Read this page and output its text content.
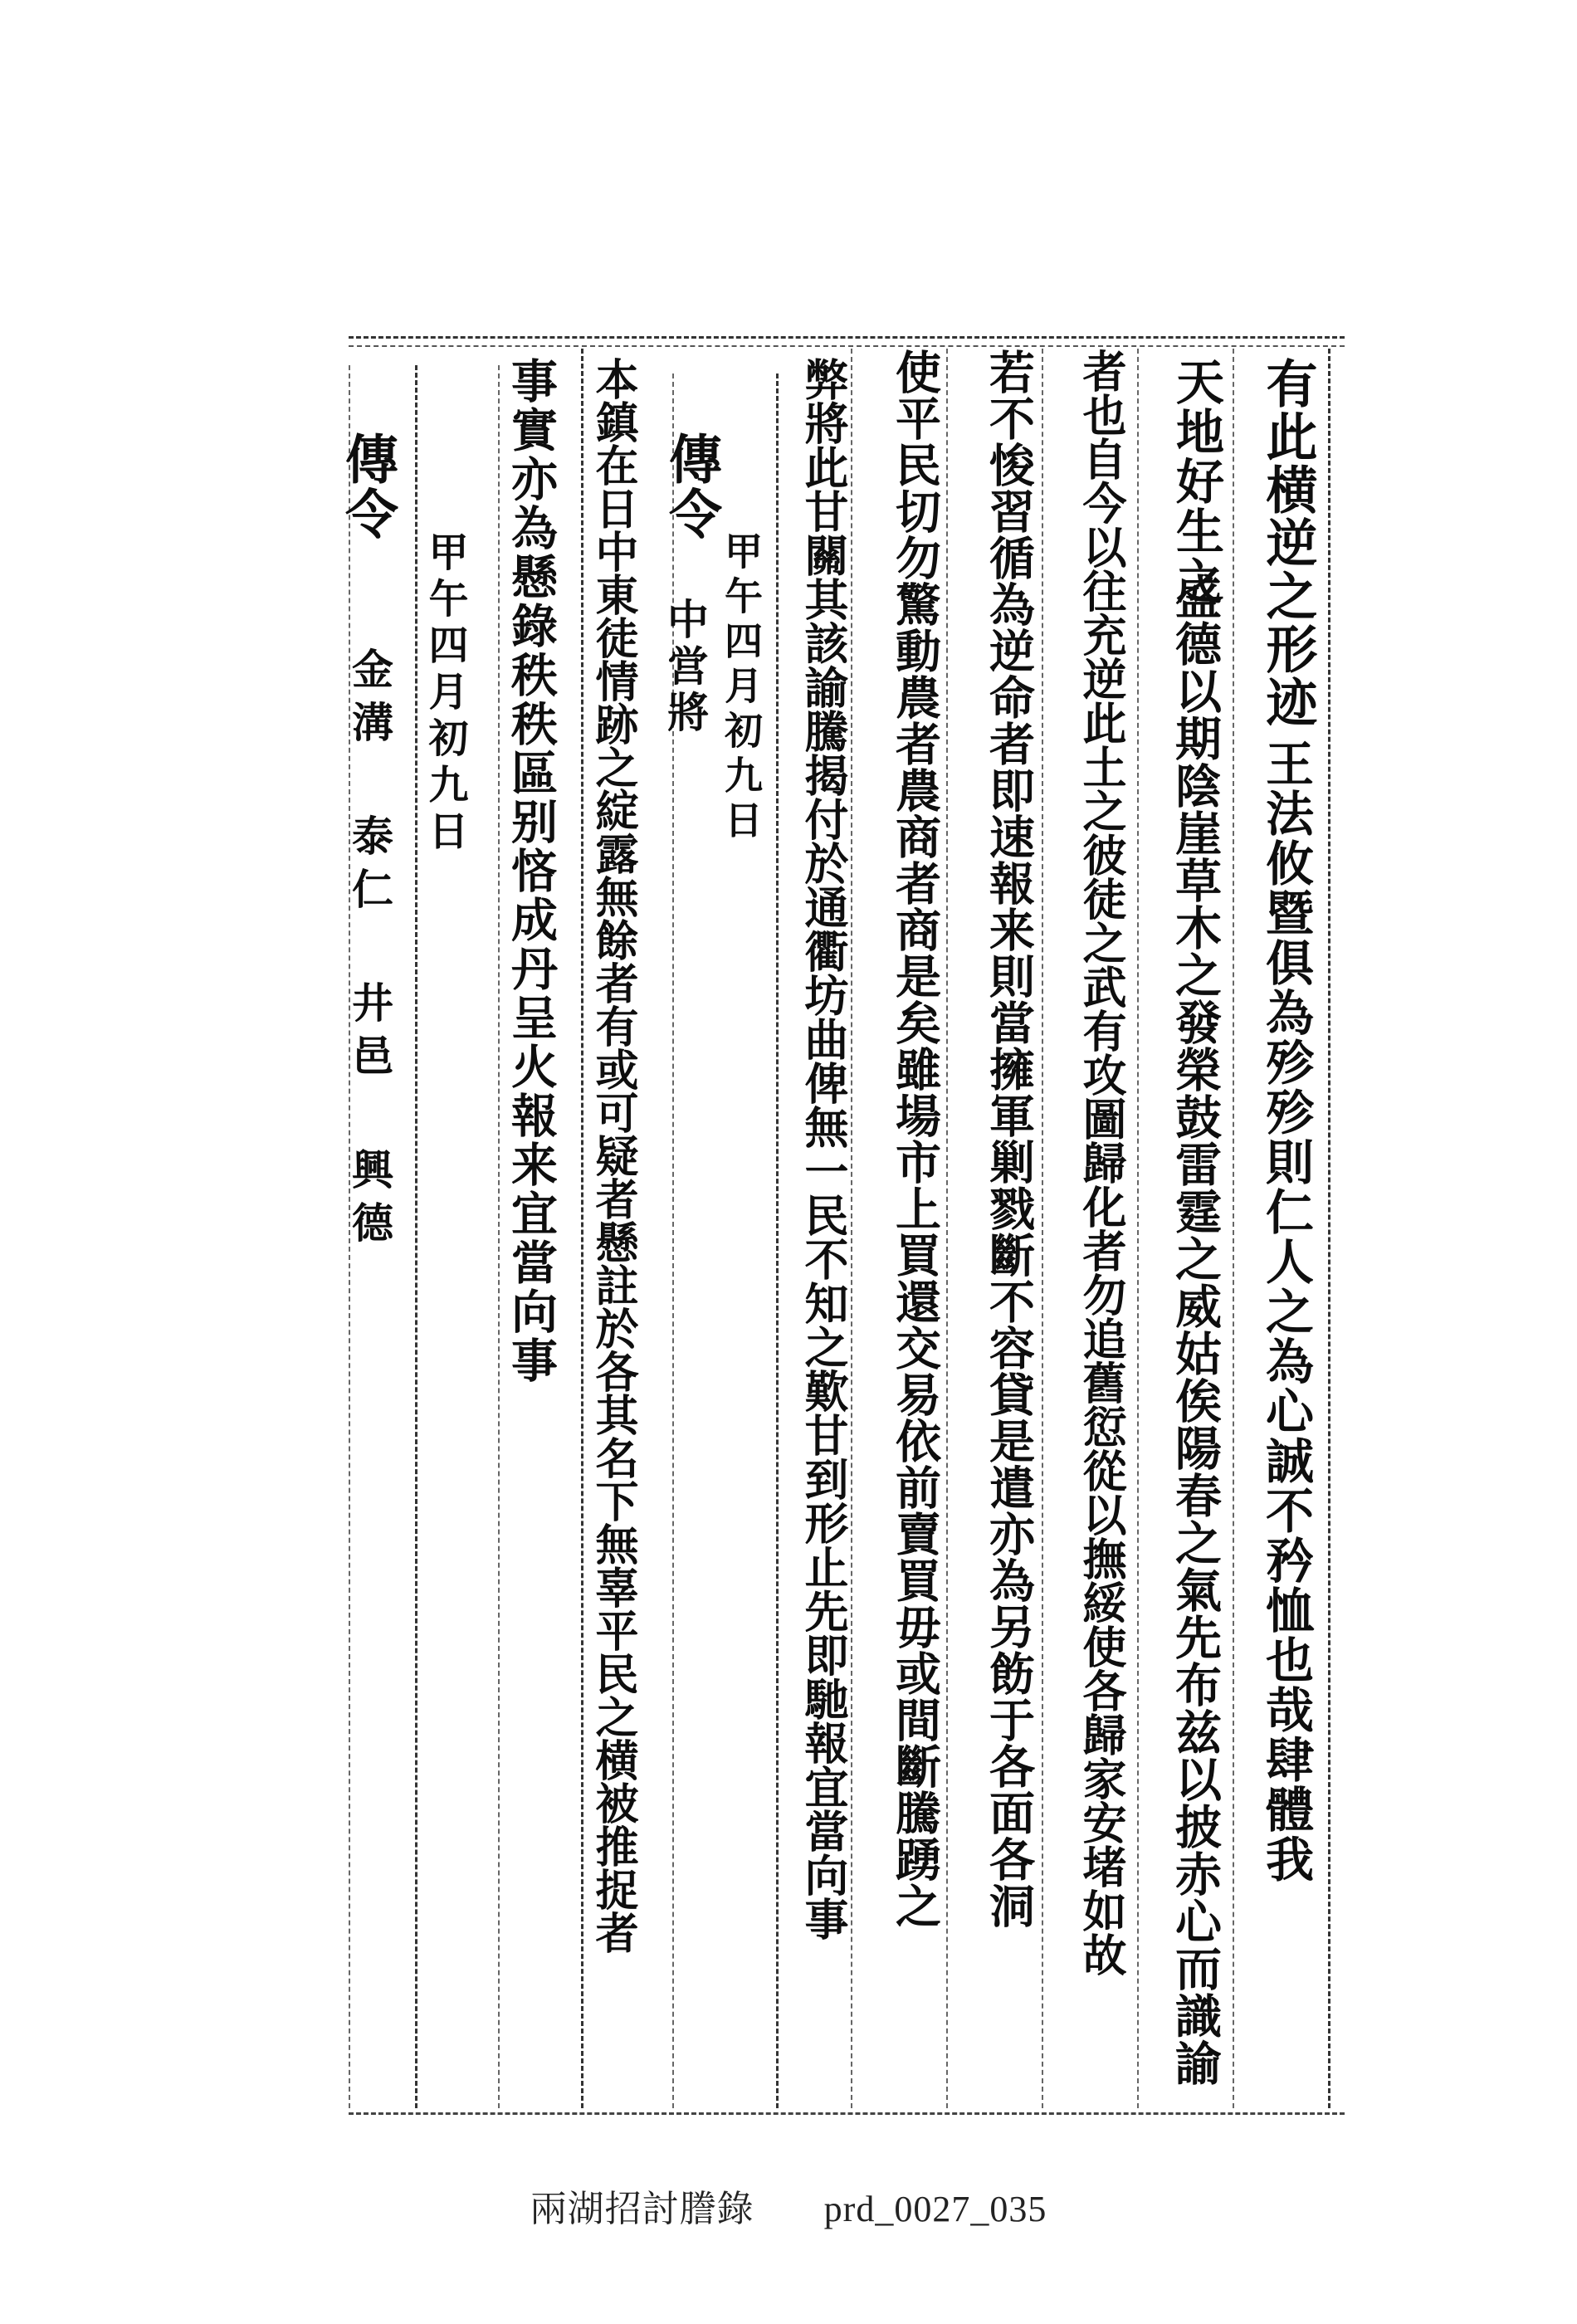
有此横逆之形迹
王法攸暨俱為殄殄則仁人之為心誠不矜恤也哉肆體我
天地好生之
盛德以期陰崖草木之發榮鼓雷霆之威姑俟陽春之氣先布兹以披赤心而識諭
者也自今以往充逆此土之彼徒之武有攻圖歸化者勿追舊愆從以撫綏使各歸家安堵如故
若不悛習循為逆命者即速報来則當擁軍剿戮斷不容貸是遣亦為另飭于各面各洞
使平民切勿驚動農者農商者商是矣雖場市上買還交易依前賣買毋或間斷騰踴之
弊將此甘關其該諭騰揭付於通衢坊曲俾無一民不知之歎甘到形止先即馳報宜當向事
甲午四月初九日
傳令
中営將
本鎮在日中東徒情跡之綻露無餘者有或可疑者懸註於各其名下無辜平民之横被推捉者
事實亦為懸錄秩秩區别悋成丹呈火報来宜當向事
甲午四月初九日
傳令
金溝 泰仁 井邑 興德
兩湖招討謄錄 prd_0027_035
